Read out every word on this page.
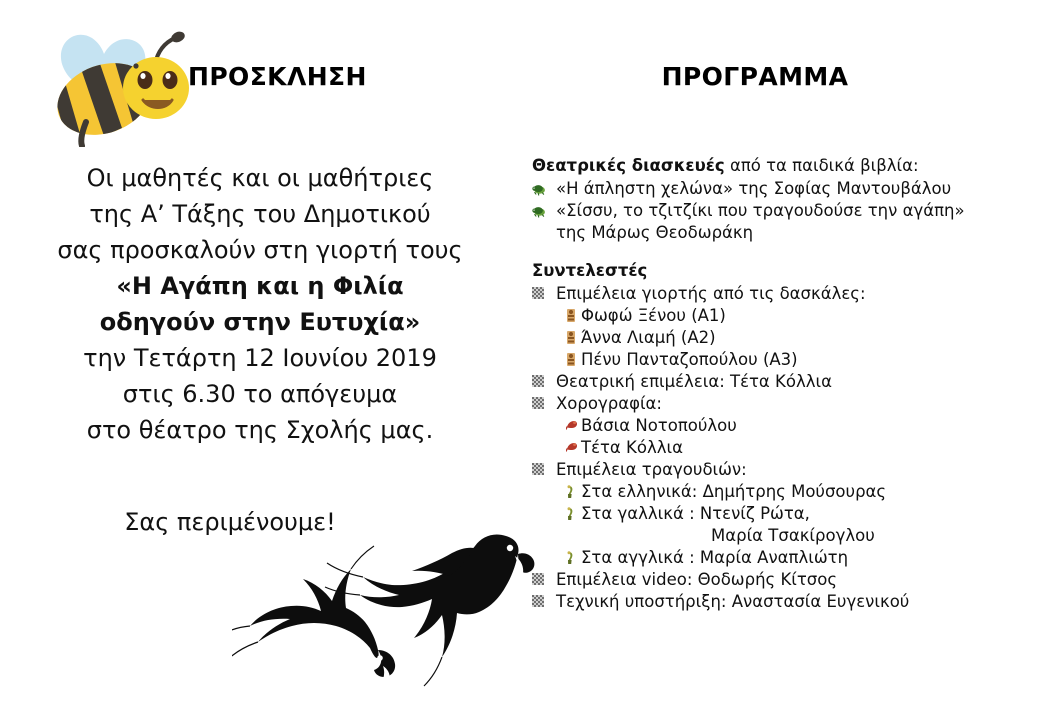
ΠΡΟΣΚΛΗΣΗ
Οι μαθητές και οι μαθήτριες
της Α’ Τάξης του Δημοτικού
σας προσκαλούν στη γιορτή τους
«Η Αγάπη και η Φιλία
οδηγούν στην Ευτυχία»
την Τετάρτη 12 Ιουνίου 2019
στις 6.30 το απόγευμα
στο θέατρο της Σχολής μας.
Σας περιμένουμε!
ΠΡΟΓΡΑΜΜΑ
Θεατρικές διασκευές από τα παιδικά βιβλία:
«Η άπληστη χελώνα» της Σοφίας Μαντουβάλου
«Σίσσυ, το τζιτζίκι που τραγουδούσε την αγάπη»
της Μάρως Θεοδωράκη
Συντελεστές
Επιμέλεια γιορτής από τις δασκάλες:
Φωφώ Ξένου (Α1)
Άννα Λιαμή (Α2)
Πένυ Πανταζοπούλου (Α3)
Θεατρική επιμέλεια: Τέτα Κόλλια
Χορογραφία:
Βάσια Νοτοπούλου
Τέτα Κόλλια
Επιμέλεια τραγουδιών:
Στα ελληνικά: Δημήτρης Μούσουρας
Στα γαλλικά : Ντενίζ Ρώτα,
Μαρία Τσακίρογλου
Στα αγγλικά : Μαρία Αναπλιώτη
Επιμέλεια video: Θοδωρής Κίτσος
Τεχνική υποστήριξη: Αναστασία Ευγενικού
